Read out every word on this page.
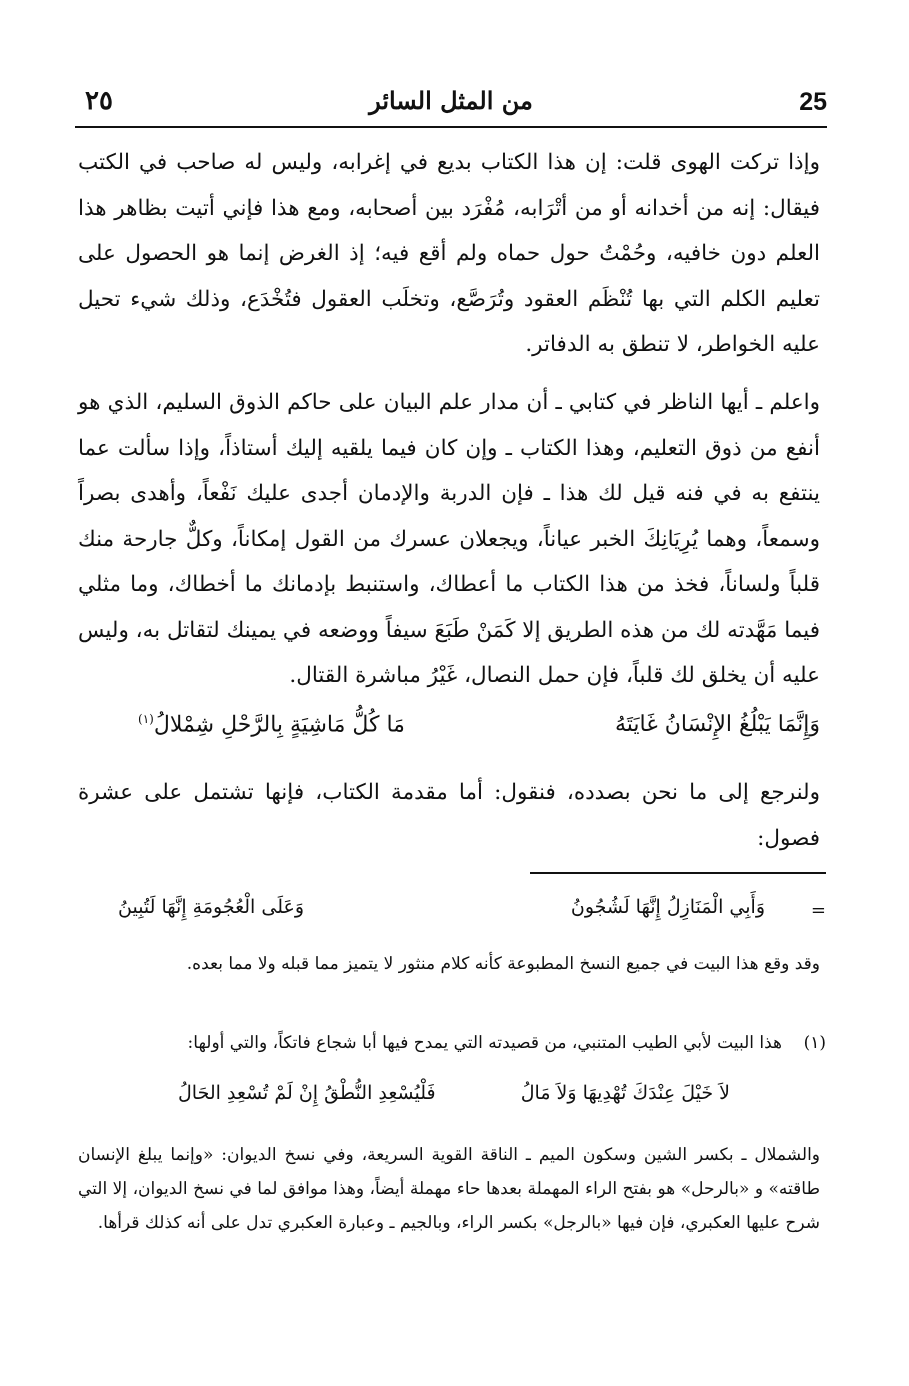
٢٥	من المثل السائر	25

وإذا تركت الهوى قلت: إن هذا الكتاب بديع في إغرابه، وليس له صاحب في الكتب فيقال: إنه من أخدانه أو من أتْرَابه، مُفْرَد بين أصحابه، ومع هذا فإني أتيت بظاهر هذا العلم دون خافيه، وحُمْتُ حول حماه ولم أقع فيه؛ إذ الغرض إنما هو الحصول على تعليم الكلم التي بها تُنْظَم العقود وتُرَصَّع، وتخلَب العقول فتُخْدَع، وذلك شيء تحيل عليه الخواطر، لا تنطق به الدفاتر.

واعلم ـ أيها الناظر في كتابي ـ أن مدار علم البيان على حاكم الذوق السليم، الذي هو أنفع من ذوق التعليم، وهذا الكتاب ـ وإن كان فيما يلقيه إليك أستاذاً، وإذا سألت عما ينتفع به في فنه قيل لك هذا ـ فإن الدربة والإدمان أجدى عليك نَفْعاً، وأهدى بصراً وسمعاً، وهما يُرِيَانِكَ الخبر عياناً، ويجعلان عسرك من القول إمكاناً، وكلٌّ جارحة منك قلباً ولساناً، فخذ من هذا الكتاب ما أعطاك، واستنبط بإدمانك ما أخطاك، وما مثلي فيما مَهَّدته لك من هذه الطريق إلا كَمَنْ طَبَعَ سيفاً ووضعه في يمينك لتقاتل به، وليس عليه أن يخلق لك قلباً، فإن حمل النصال، غَيْرُ مباشرة القتال.

وَإِنَّمَا يَبْلُغُ الإِنْسَانُ غَايَتَهُ
مَا كُلُّ مَاشِيَةٍ بِالرَّحْلِ شِمْلالُ$^{(١)}$

ولنرجع إلى ما نحن بصدده، فنقول: أما مقدمة الكتاب، فإنها تشتمل على عشرة فصول:

=
وَأَبِي الْمَنَازِلُ إِنَّهَا لَشُجُونُ
وَعَلَى الْعُجُومَةِ إِنَّهَا لَتُبِينُ
وقد وقع هذا البيت في جميع النسخ المطبوعة كأنه كلام منثور لا يتميز مما قبله ولا مما بعده.
(١)
هذا البيت لأبي الطيب المتنبي، من قصيدته التي يمدح فيها أبا شجاع فاتكاً، والتي أولها:
لاَ خَيْلَ عِنْدَكَ تُهْدِيهَا وَلاَ مَالُ
فَلْيُسْعِدِ النُّطْقُ إِنْ لَمْ تُسْعِدِ الحَالُ
والشملال ـ بكسر الشين وسكون الميم ـ الناقة القوية السريعة، وفي نسخ الديوان: «وإنما يبلغ الإنسان طاقته» و «بالرحل» هو بفتح الراء المهملة بعدها حاء مهملة أيضاً، وهذا موافق لما في نسخ الديوان، إلا التي شرح عليها العكبري، فإن فيها «بالرجل» بكسر الراء، وبالجيم ـ وعبارة العكبري تدل على أنه كذلك قرأها.
